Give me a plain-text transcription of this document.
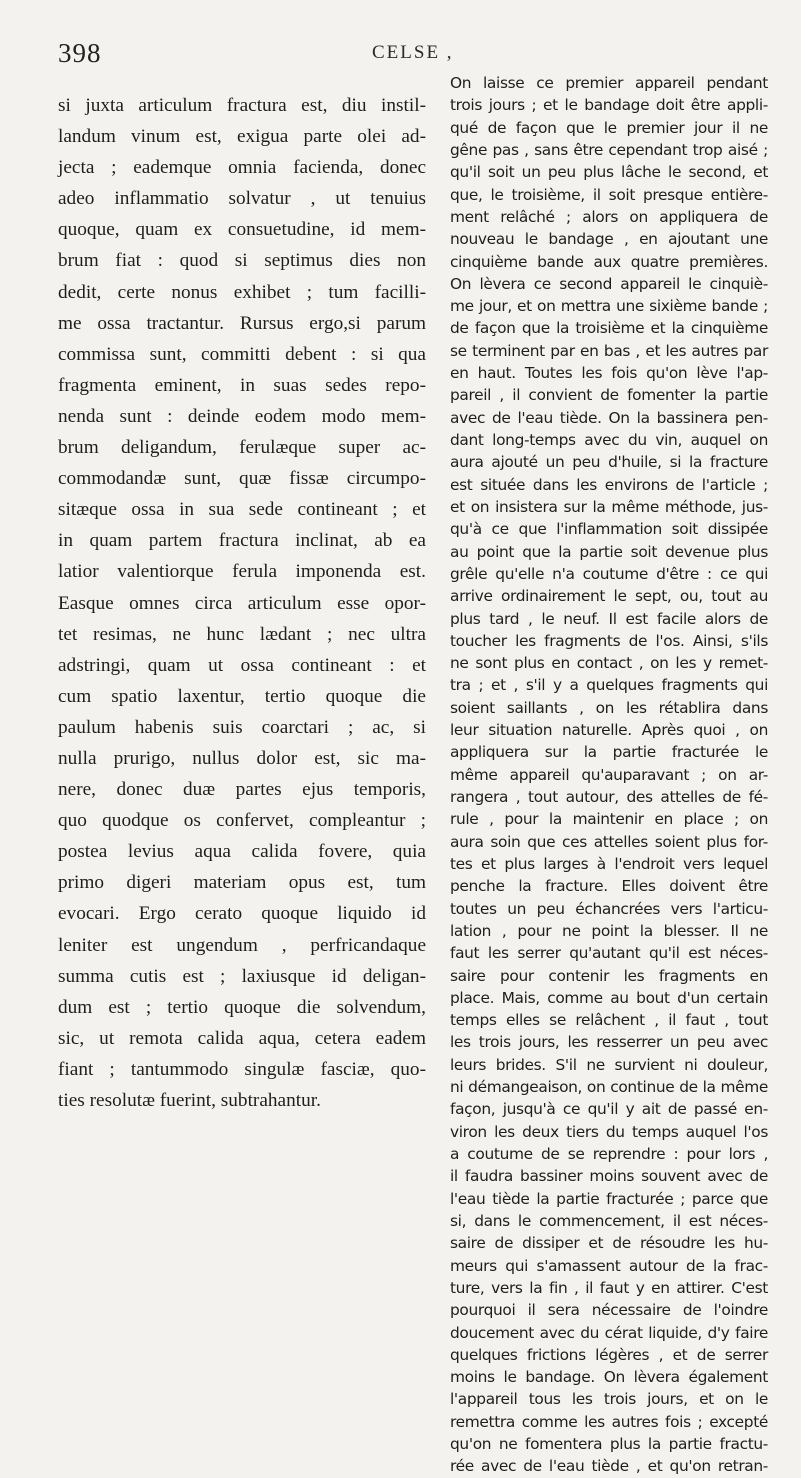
398	CELSE ,
si juxta articulum fractura est, diu instil-
landum vinum est, exigua parte olei ad-
jecta ; eademque omnia facienda, donec
adeo inflammatio solvatur , ut tenuius
quoque, quam ex consuetudine, id mem-
brum fiat : quod si septimus dies non
dedit, certe nonus exhibet ; tum facilli-
me ossa tractantur. Rursus ergo,si parum
commissa sunt, committi debent : si qua
fragmenta eminent, in suas sedes repo-
nenda sunt : deinde eodem modo mem-
brum deligandum, ferulæque super ac-
commodandæ sunt, quæ fissæ circumpo-
sitæque ossa in sua sede contineant ; et
in quam partem fractura inclinat, ab ea
latior valentiorque ferula imponenda est.
Easque omnes circa articulum esse opor-
tet resimas, ne hunc lædant ; nec ultra
adstringi, quam ut ossa contineant : et
cum spatio laxentur, tertio quoque die
paulum habenis suis coarctari ; ac, si
nulla prurigo, nullus dolor est, sic ma-
nere, donec duæ partes ejus temporis,
quo quodque os confervet, compleantur ;
postea levius aqua calida fovere, quia
primo digeri materiam opus est, tum
evocari. Ergo cerato quoque liquido id
leniter est ungendum , perfricandaque
summa cutis est ; laxiusque id deligan-
dum est ; tertio quoque die solvendum,
sic, ut remota calida aqua, cetera eadem
fiant ; tantummodo singulæ fasciæ, quo-
ties resolutæ fuerint, subtrahantur.
On laisse ce premier appareil pendant
trois jours ; et le bandage doit être appli-
qué de façon que le premier jour il ne
gêne pas , sans être cependant trop aisé ;
qu'il soit un peu plus lâche le second, et
que, le troisième, il soit presque entière-
ment relâché ; alors on appliquera de
nouveau le bandage , en ajoutant une
cinquième bande aux quatre premières.
On lèvera ce second appareil le cinquiè-
me jour, et on mettra une sixième bande ;
de façon que la troisième et la cinquième
se terminent par en bas , et les autres par
en haut. Toutes les fois qu'on lève l'ap-
pareil , il convient de fomenter la partie
avec de l'eau tiède. On la bassinera pen-
dant long-temps avec du vin, auquel on
aura ajouté un peu d'huile, si la fracture
est située dans les environs de l'article ;
et on insistera sur la même méthode, jus-
qu'à ce que l'inflammation soit dissipée
au point que la partie soit devenue plus
grêle qu'elle n'a coutume d'être : ce qui
arrive ordinairement le sept, ou, tout au
plus tard , le neuf. Il est facile alors de
toucher les fragments de l'os. Ainsi, s'ils
ne sont plus en contact , on les y remet-
tra ; et , s'il y a quelques fragments qui
soient saillants , on les rétablira dans
leur situation naturelle. Après quoi , on
appliquera sur la partie fracturée le
même appareil qu'auparavant ; on ar-
rangera , tout autour, des attelles de fé-
rule , pour la maintenir en place ; on
aura soin que ces attelles soient plus for-
tes et plus larges à l'endroit vers lequel
penche la fracture. Elles doivent être
toutes un peu échancrées vers l'articu-
lation , pour ne point la blesser. Il ne
faut les serrer qu'autant qu'il est néces-
saire pour contenir les fragments en
place. Mais, comme au bout d'un certain
temps elles se relâchent , il faut , tout
les trois jours, les resserrer un peu avec
leurs brides. S'il ne survient ni douleur,
ni démangeaison, on continue de la même
façon, jusqu'à ce qu'il y ait de passé en-
viron les deux tiers du temps auquel l'os
a coutume de se reprendre : pour lors ,
il faudra bassiner moins souvent avec de
l'eau tiède la partie fracturée ; parce que
si, dans le commencement, il est néces-
saire de dissiper et de résoudre les hu-
meurs qui s'amassent autour de la frac-
ture, vers la fin , il faut y en attirer. C'est
pourquoi il sera nécessaire de l'oindre
doucement avec du cérat liquide, d'y faire
quelques frictions légères , et de serrer
moins le bandage. On lèvera également
l'appareil tous les trois jours, et on le
remettra comme les autres fois ; excepté
qu'on ne fomentera plus la partie fractu-
rée avec de l'eau tiède , et qu'on retran-
